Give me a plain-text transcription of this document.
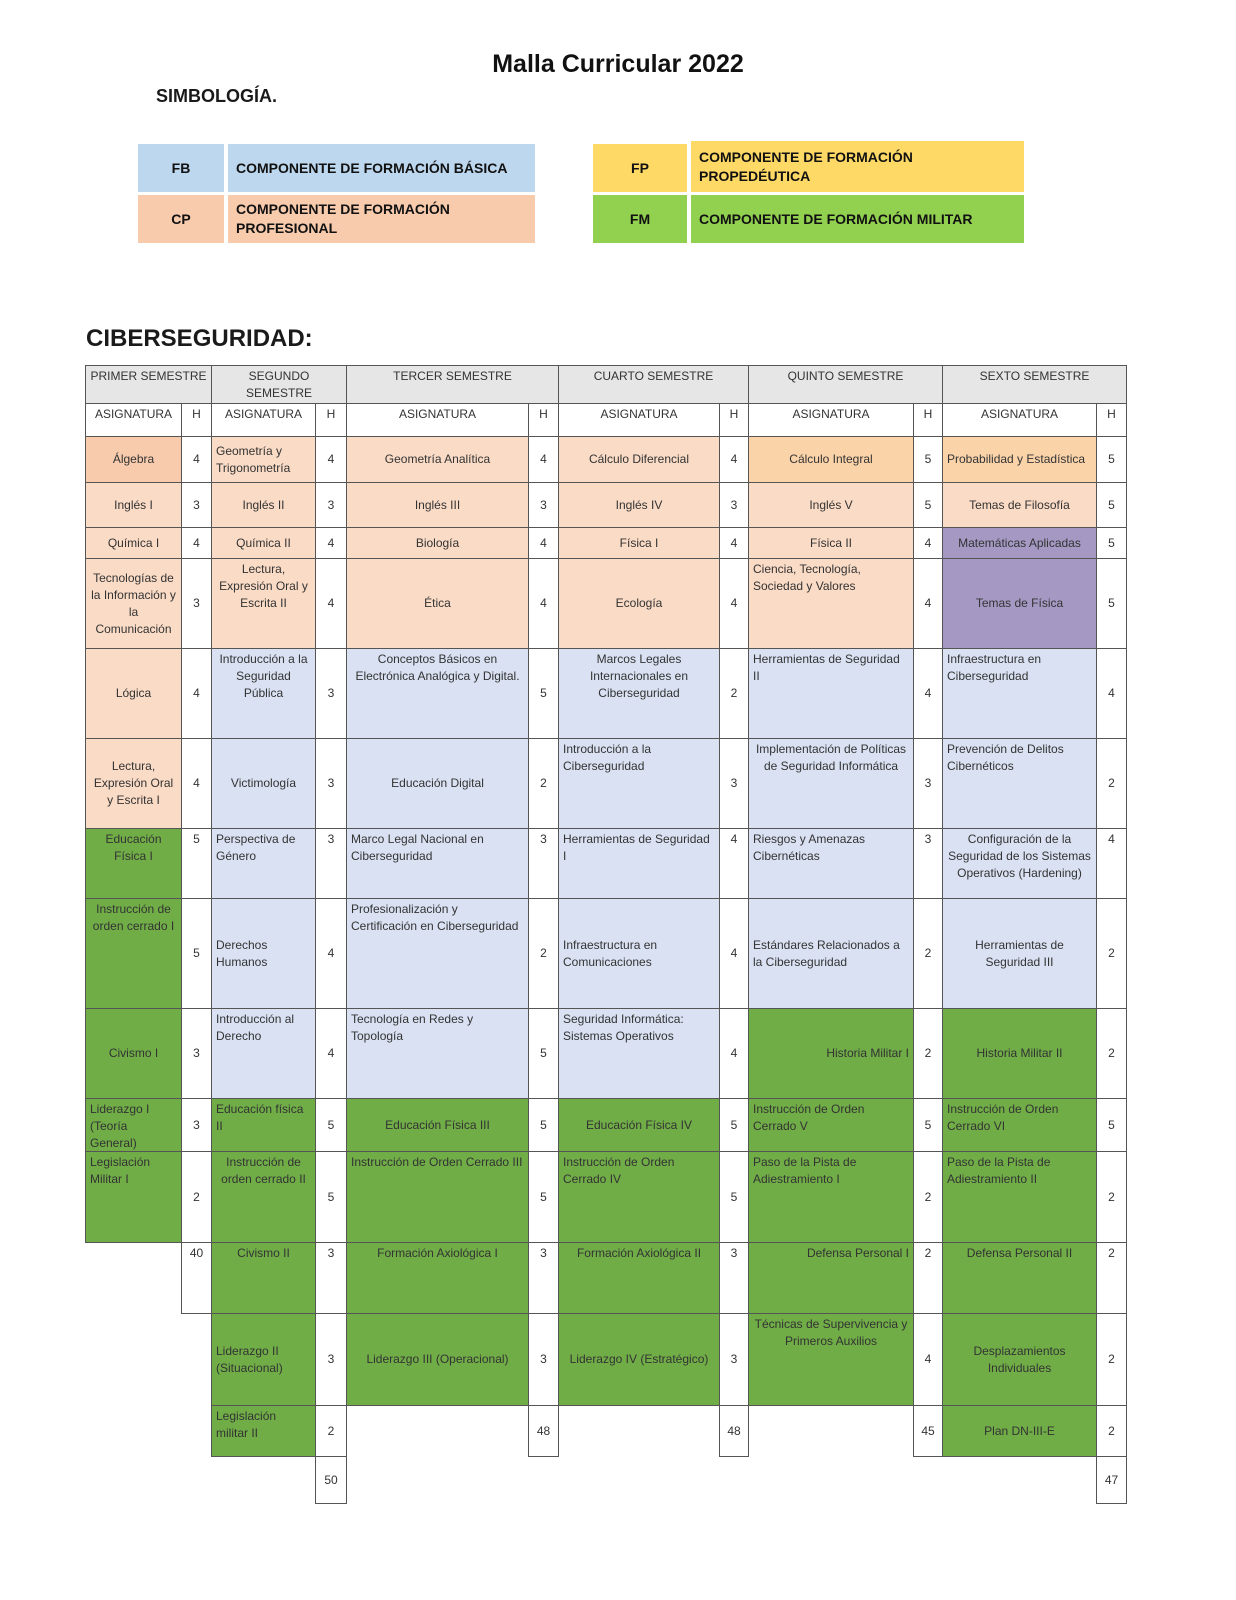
Malla Curricular 2022
SIMBOLOGÍA.
FB	COMPONENTE DE FORMACIÓN BÁSICA
CP
COMPONENTE DE FORMACIÓN PROFESIONAL
FP
COMPONENTE DE FORMACIÓN PROPEDÉUTICA
FM	COMPONENTE DE FORMACIÓN MILITAR
CIBERSEGURIDAD:
PRIMER SEMESTRE
ASIGNATURA	H
Álgebra	4
Inglés I	3
Química I	4
Tecnologías de la Información y la Comunicación
3
Lógica	4
Lectura, Expresión Oral y Escrita I
4
Educación Física I
5
Instrucción de orden cerrado I
5
Civismo I	3
Liderazgo I (Teoría General)
3
Legislación Militar I
2
40
SEGUNDO SEMESTRE
ASIGNATURA	H
Geometría y Trigonometría
4
Inglés II	3
Química II	4
Lectura, Expresión Oral y Escrita II	4
Introducción a la Seguridad Pública	3
Victimología	3
Perspectiva de Género
3
Derechos Humanos
4
Introducción al Derecho
4
Educación física II	5
Instrucción de orden cerrado II
5
Civismo II	3
Liderazgo II (Situacional)
3
Legislación militar II	2
50
TERCER SEMESTRE
ASIGNATURA	H
Geometría Analítica	4
Inglés III	3
Biología	4
Ética	4
Conceptos Básicos en Electrónica Analógica y Digital.
5
Educación Digital	2
Marco Legal Nacional en Ciberseguridad
3
Profesionalización y Certificación en Ciberseguridad
2
Tecnología en Redes y Topología
5
Educación Física III	5
Instrucción de Orden Cerrado III
5
Formación Axiológica I	3
Liderazgo III (Operacional)	3
48
CUARTO SEMESTRE
ASIGNATURA	H
Cálculo Diferencial	4
Inglés IV	3
Física I	4
Ecología	4
Marcos Legales Internacionales en Ciberseguridad	2
Introducción a la Ciberseguridad
3
Herramientas de Seguridad I
4
Infraestructura en Comunicaciones
4
Seguridad Informática: Sistemas Operativos
4
Educación Física IV	5
Instrucción de Orden Cerrado IV
5
Formación Axiológica II	3
Liderazgo IV (Estratégico)	3
48
QUINTO SEMESTRE
ASIGNATURA	H
Cálculo Integral	5
Inglés V	5
Física II	4
Ciencia, Tecnología, Sociedad y Valores
4
Herramientas de Seguridad II
4
Implementación de Políticas de Seguridad Informática
3
Riesgos y Amenazas Cibernéticas
3
Estándares Relacionados a la Ciberseguridad
2
Historia Militar I	2
Instrucción de Orden Cerrado V	5
Paso de la Pista de Adiestramiento I
2
Defensa Personal I	2
Técnicas de Supervivencia y Primeros Auxilios
4
45
SEXTO SEMESTRE
ASIGNATURA	H
Probabilidad y Estadística	5
Temas de Filosofía	5
Matemáticas Aplicadas	5
Temas de Física	5
Infraestructura en Ciberseguridad
4
Prevención de Delitos Cibernéticos
2
Configuración de la Seguridad de los Sistemas Operativos (Hardening)
4
Herramientas de Seguridad III
2
Historia Militar II	2
Instrucción de Orden Cerrado VI	5
Paso de la Pista de Adiestramiento II
2
Defensa Personal II	2
Desplazamientos Individuales
2
Plan DN-III-E	2
47
